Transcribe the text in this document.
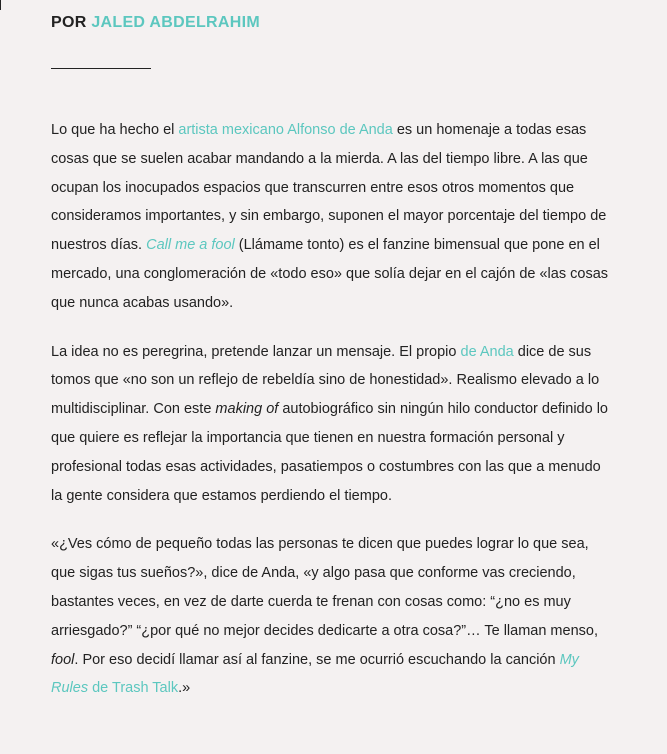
POR JALED ABDELRAHIM

Lo que ha hecho el artista mexicano Alfonso de Anda es un homenaje a todas esas cosas que se suelen acabar mandando a la mierda. A las del tiempo libre. A las que ocupan los inocupados espacios que transcurren entre esos otros momentos que consideramos importantes, y sin embargo, suponen el mayor porcentaje del tiempo de nuestros días. Call me a fool (Llámame tonto) es el fanzine bimensual que pone en el mercado, una conglomeración de «todo eso» que solía dejar en el cajón de «las cosas que nunca acabas usando».

La idea no es peregrina, pretende lanzar un mensaje. El propio de Anda dice de sus tomos que «no son un reflejo de rebeldía sino de honestidad». Realismo elevado a lo multidisciplinar. Con este making of autobiográfico sin ningún hilo conductor definido lo que quiere es reflejar la importancia que tienen en nuestra formación personal y profesional todas esas actividades, pasatiempos o costumbres con las que a menudo la gente considera que estamos perdiendo el tiempo.

«¿Ves cómo de pequeño todas las personas te dicen que puedes lograr lo que sea, que sigas tus sueños?», dice de Anda, «y algo pasa que conforme vas creciendo, bastantes veces, en vez de darte cuerda te frenan con cosas como: “¿no es muy arriesgado?” “¿por qué no mejor decides dedicarte a otra cosa?”… Te llaman menso, fool. Por eso decidí llamar así al fanzine, se me ocurrió escuchando la canción My Rules de Trash Talk.»
